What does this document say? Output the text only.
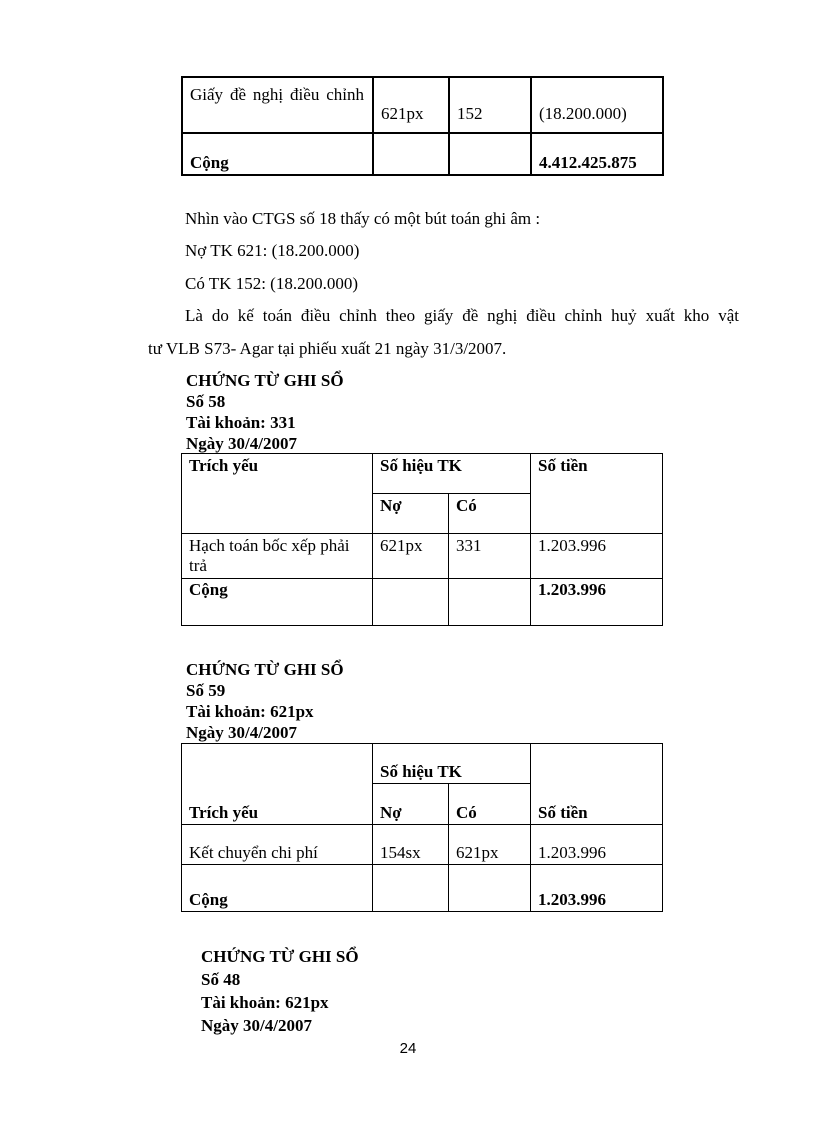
Giấy đề nghị điều chỉnh	621px	152	(18.200.000)
Cộng			4.412.425.875
Nhìn vào CTGS số 18 thấy có một bút toán ghi âm :
Nợ TK 621: (18.200.000)
Có TK 152: (18.200.000)
Là do kế toán điều chỉnh theo giấy đề nghị điều chỉnh huỷ xuất kho vật
tư VLB S73- Agar tại phiếu xuất 21 ngày 31/3/2007.
CHỨNG TỪ GHI SỔ
Số 58
Tài khoản: 331
Ngày 30/4/2007
Trích yếu	Số hiệu TK		Số tiền
	Nợ	Có	
Hạch toán bốc xếp phải trả	621px	331	1.203.996
Cộng			1.203.996
CHỨNG TỪ GHI SỔ
Số 59
Tài khoản: 621px
Ngày 30/4/2007
Trích yếu	Số hiệu TK		Số tiền
	Nợ	Có	
Kết chuyển chi phí	154sx	621px	1.203.996
Cộng			1.203.996
CHỨNG TỪ GHI SỔ
Số 48
Tài khoản: 621px
Ngày 30/4/2007
24
